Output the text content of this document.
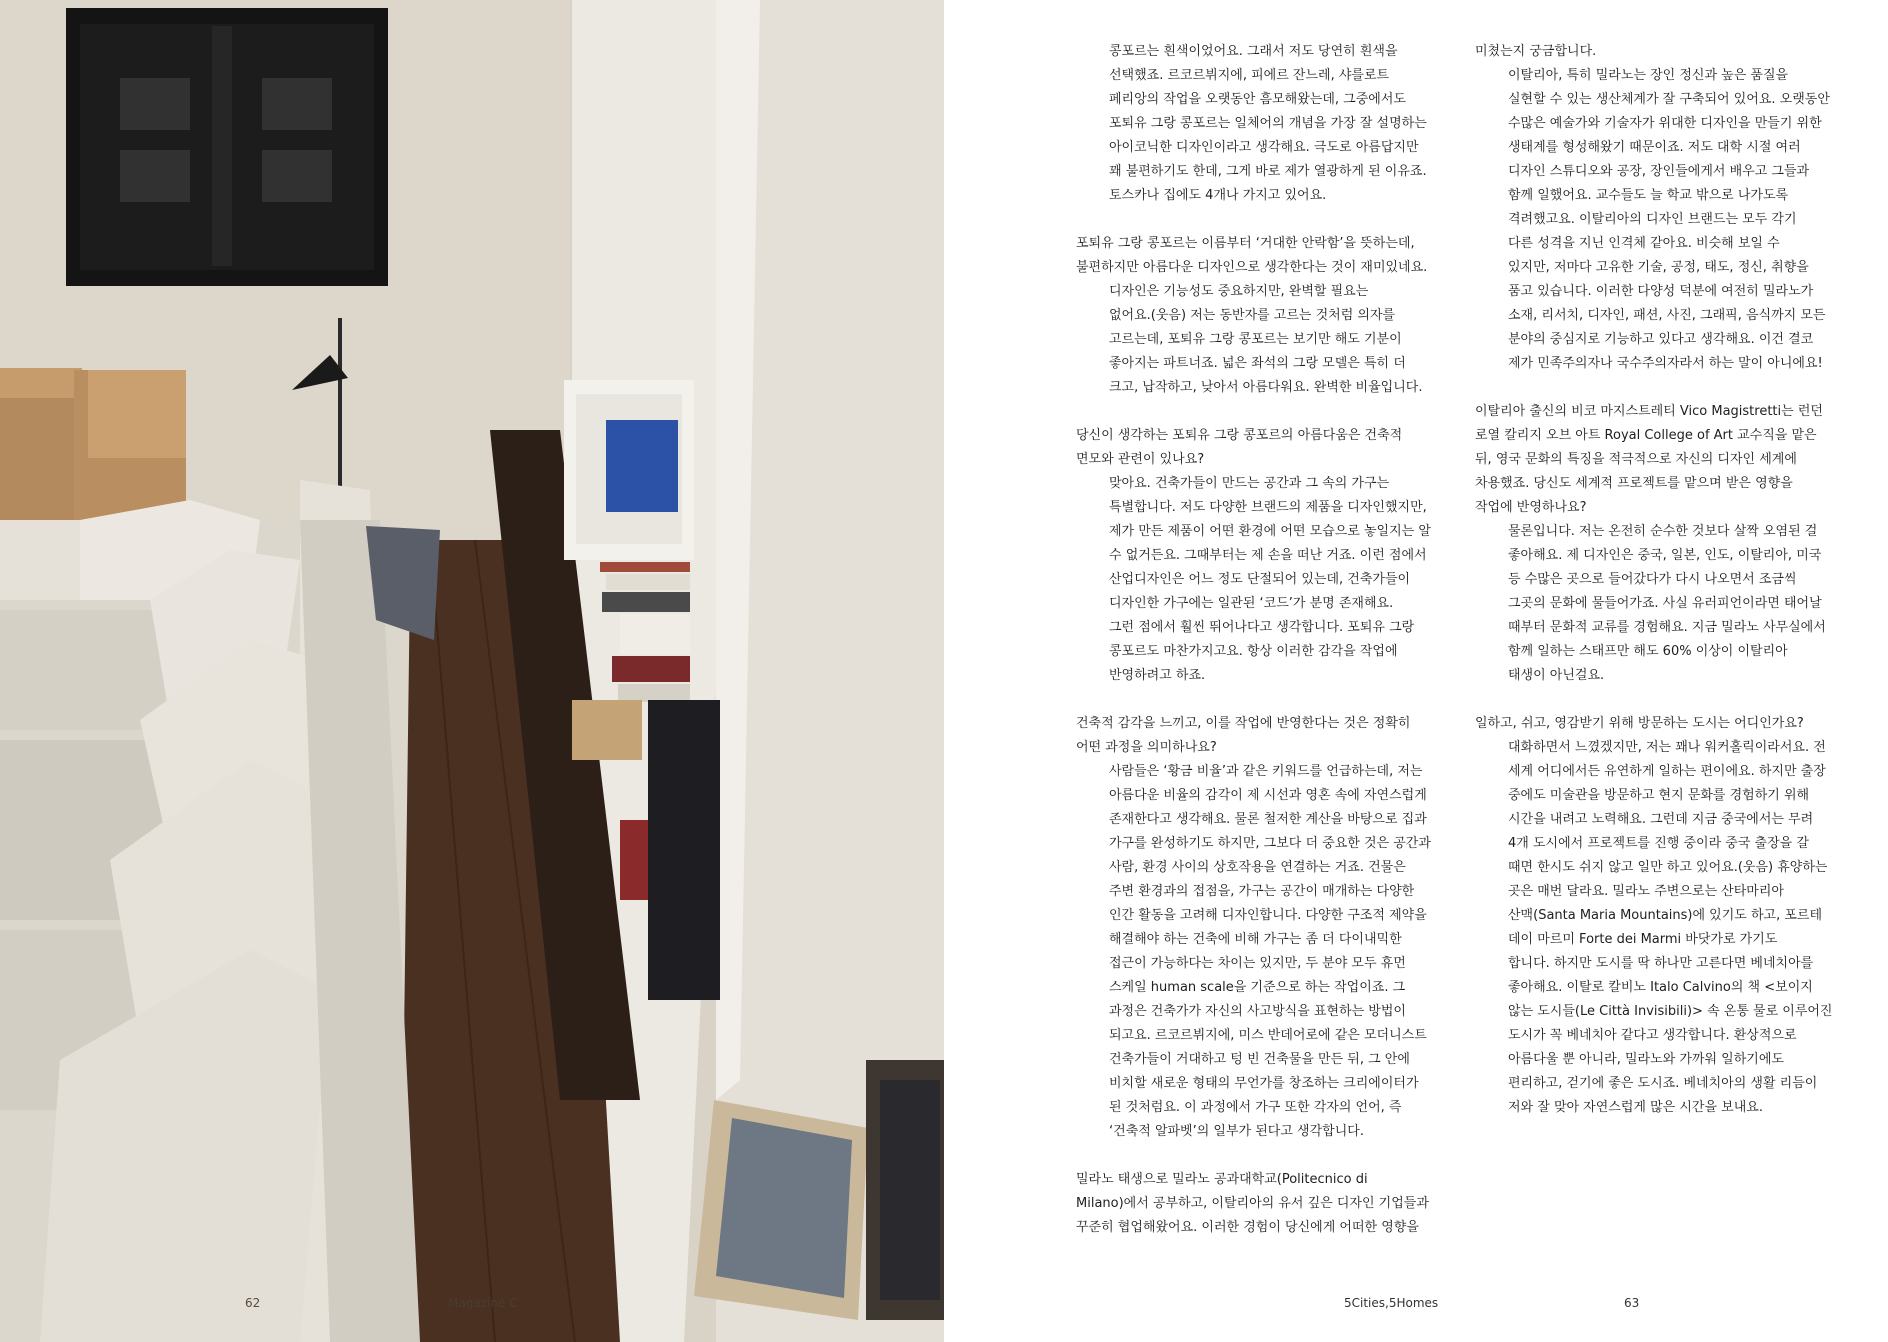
62	Magazine C

콩포르는 흰색이었어요. 그래서 저도 당연히 흰색을
선택했죠. 르코르뷔지에, 피에르 잔느레, 샤를로트
페리앙의 작업을 오랫동안 흠모해왔는데, 그중에서도
포퇴유 그랑 콩포르는 일체어의 개념을 가장 잘 설명하는
아이코닉한 디자인이라고 생각해요. 극도로 아름답지만
꽤 불편하기도 한데, 그게 바로 제가 열광하게 된 이유죠.
토스카나 집에도 4개나 가지고 있어요.

포퇴유 그랑 콩포르는 이름부터 ‘거대한 안락함’을 뜻하는데,
불편하지만 아름다운 디자인으로 생각한다는 것이 재미있네요.

디자인은 기능성도 중요하지만, 완벽할 필요는
없어요.(웃음) 저는 동반자를 고르는 것처럼 의자를
고르는데, 포퇴유 그랑 콩포르는 보기만 해도 기분이
좋아지는 파트너죠. 넓은 좌석의 그랑 모델은 특히 더
크고, 납작하고, 낮아서 아름다워요. 완벽한 비율입니다.

당신이 생각하는 포퇴유 그랑 콩포르의 아름다움은 건축적
면모와 관련이 있나요?

맞아요. 건축가들이 만드는 공간과 그 속의 가구는
특별합니다. 저도 다양한 브랜드의 제품을 디자인했지만,
제가 만든 제품이 어떤 환경에 어떤 모습으로 놓일지는 알
수 없거든요. 그때부터는 제 손을 떠난 거죠. 이런 점에서
산업디자인은 어느 정도 단절되어 있는데, 건축가들이
디자인한 가구에는 일관된 ‘코드’가 분명 존재해요.
그런 점에서 훨씬 뛰어나다고 생각합니다. 포퇴유 그랑
콩포르도 마찬가지고요. 항상 이러한 감각을 작업에
반영하려고 하죠.

건축적 감각을 느끼고, 이를 작업에 반영한다는 것은 정확히
어떤 과정을 의미하나요?

사람들은 ‘황금 비율’과 같은 키워드를 언급하는데, 저는
아름다운 비율의 감각이 제 시선과 영혼 속에 자연스럽게
존재한다고 생각해요. 물론 철저한 계산을 바탕으로 집과
가구를 완성하기도 하지만, 그보다 더 중요한 것은 공간과
사람, 환경 사이의 상호작용을 연결하는 거죠. 건물은
주변 환경과의 접점을, 가구는 공간이 매개하는 다양한
인간 활동을 고려해 디자인합니다. 다양한 구조적 제약을
해결해야 하는 건축에 비해 가구는 좀 더 다이내믹한
접근이 가능하다는 차이는 있지만, 두 분야 모두 휴먼
스케일 human scale을 기준으로 하는 작업이죠. 그
과정은 건축가가 자신의 사고방식을 표현하는 방법이
되고요. 르코르뷔지에, 미스 반데어로에 같은 모더니스트
건축가들이 거대하고 텅 빈 건축물을 만든 뒤, 그 안에
비치할 새로운 형태의 무언가를 창조하는 크리에이터가
된 것처럼요. 이 과정에서 가구 또한 각자의 언어, 즉
‘건축적 알파벳’의 일부가 된다고 생각합니다.

밀라노 태생으로 밀라노 공과대학교(Politecnico di
Milano)에서 공부하고, 이탈리아의 유서 깊은 디자인 기업들과
꾸준히 협업해왔어요. 이러한 경험이 당신에게 어떠한 영향을

미쳤는지 궁금합니다.

이탈리아, 특히 밀라노는 장인 정신과 높은 품질을
실현할 수 있는 생산체계가 잘 구축되어 있어요. 오랫동안
수많은 예술가와 기술자가 위대한 디자인을 만들기 위한
생태계를 형성해왔기 때문이죠. 저도 대학 시절 여러
디자인 스튜디오와 공장, 장인들에게서 배우고 그들과
함께 일했어요. 교수들도 늘 학교 밖으로 나가도록
격려했고요. 이탈리아의 디자인 브랜드는 모두 각기
다른 성격을 지닌 인격체 같아요. 비슷해 보일 수
있지만, 저마다 고유한 기술, 공정, 태도, 정신, 취향을
품고 있습니다. 이러한 다양성 덕분에 여전히 밀라노가
소재, 리서치, 디자인, 패션, 사진, 그래픽, 음식까지 모든
분야의 중심지로 기능하고 있다고 생각해요. 이건 결코
제가 민족주의자나 국수주의자라서 하는 말이 아니에요!

이탈리아 출신의 비코 마지스트레티 Vico Magistretti는 런던
로열 칼리지 오브 아트 Royal College of Art 교수직을 맡은
뒤, 영국 문화의 특징을 적극적으로 자신의 디자인 세계에
차용했죠. 당신도 세계적 프로젝트를 맡으며 받은 영향을
작업에 반영하나요?

물론입니다. 저는 온전히 순수한 것보다 살짝 오염된 걸
좋아해요. 제 디자인은 중국, 일본, 인도, 이탈리아, 미국
등 수많은 곳으로 들어갔다가 다시 나오면서 조금씩
그곳의 문화에 물들어가죠. 사실 유러피언이라면 태어날
때부터 문화적 교류를 경험해요. 지금 밀라노 사무실에서
함께 일하는 스태프만 해도 60% 이상이 이탈리아
태생이 아닌걸요.

일하고, 쉬고, 영감받기 위해 방문하는 도시는 어디인가요?

대화하면서 느꼈겠지만, 저는 꽤나 워커홀릭이라서요. 전
세계 어디에서든 유연하게 일하는 편이에요. 하지만 출장
중에도 미술관을 방문하고 현지 문화를 경험하기 위해
시간을 내려고 노력해요. 그런데 지금 중국에서는 무려
4개 도시에서 프로젝트를 진행 중이라 중국 출장을 갈
때면 한시도 쉬지 않고 일만 하고 있어요.(웃음) 휴양하는
곳은 매번 달라요. 밀라노 주변으로는 산타마리아
산맥(Santa Maria Mountains)에 있기도 하고, 포르테
데이 마르미 Forte dei Marmi 바닷가로 가기도
합니다. 하지만 도시를 딱 하나만 고른다면 베네치아를
좋아해요. 이탈로 칼비노 Italo Calvino의 책 <보이지
않는 도시들(Le Città Invisibili)> 속 온통 물로 이루어진
도시가 꼭 베네치아 같다고 생각합니다. 환상적으로
아름다울 뿐 아니라, 밀라노와 가까워 일하기에도
편리하고, 걷기에 좋은 도시죠. 베네치아의 생활 리듬이
저와 잘 맞아 자연스럽게 많은 시간을 보내요.

5Cities,5Homes	63
